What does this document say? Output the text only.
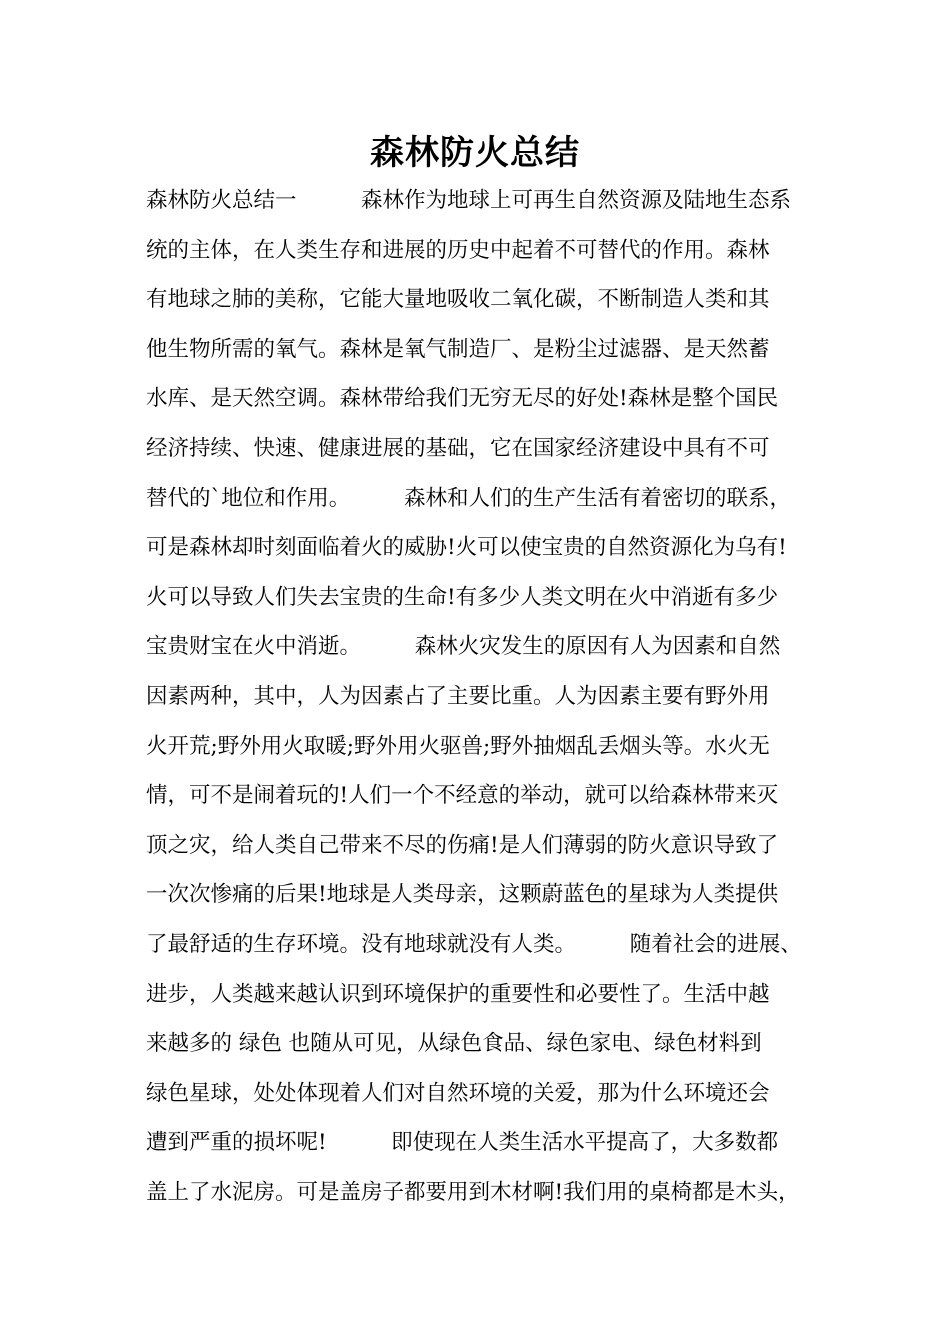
森林防火总结
森林防火总结一　　　森林作为地球上可再生自然资源及陆地生态系
统的主体，在人类生存和进展的历史中起着不可替代的作用。森林
有地球之肺的美称，它能大量地吸收二氧化碳，不断制造人类和其
他生物所需的氧气。森林是氧气制造厂、是粉尘过滤器、是天然蓄
水库、是天然空调。森林带给我们无穷无尽的好处!森林是整个国民
经济持续、快速、健康进展的基础，它在国家经济建设中具有不可
替代的`地位和作用。　　　森林和人们的生产生活有着密切的联系，
可是森林却时刻面临着火的威胁!火可以使宝贵的自然资源化为乌有!
火可以导致人们失去宝贵的生命!有多少人类文明在火中消逝有多少
宝贵财宝在火中消逝。　　　森林火灾发生的原因有人为因素和自然
因素两种，其中，人为因素占了主要比重。人为因素主要有野外用
火开荒;野外用火取暖;野外用火驱兽;野外抽烟乱丢烟头等。水火无
情，可不是闹着玩的!人们一个不经意的举动，就可以给森林带来灭
顶之灾，给人类自己带来不尽的伤痛!是人们薄弱的防火意识导致了
一次次惨痛的后果!地球是人类母亲，这颗蔚蓝色的星球为人类提供
了最舒适的生存环境。没有地球就没有人类。　　　随着社会的进展、
进步，人类越来越认识到环境保护的重要性和必要性了。生活中越
来越多的 绿色 也随从可见，从绿色食品、绿色家电、绿色材料到
绿色星球，处处体现着人们对自然环境的关爱，那为什么环境还会
遭到严重的损坏呢!　　　即使现在人类生活水平提高了，大多数都
盖上了水泥房。可是盖房子都要用到木材啊!我们用的桌椅都是木头，
